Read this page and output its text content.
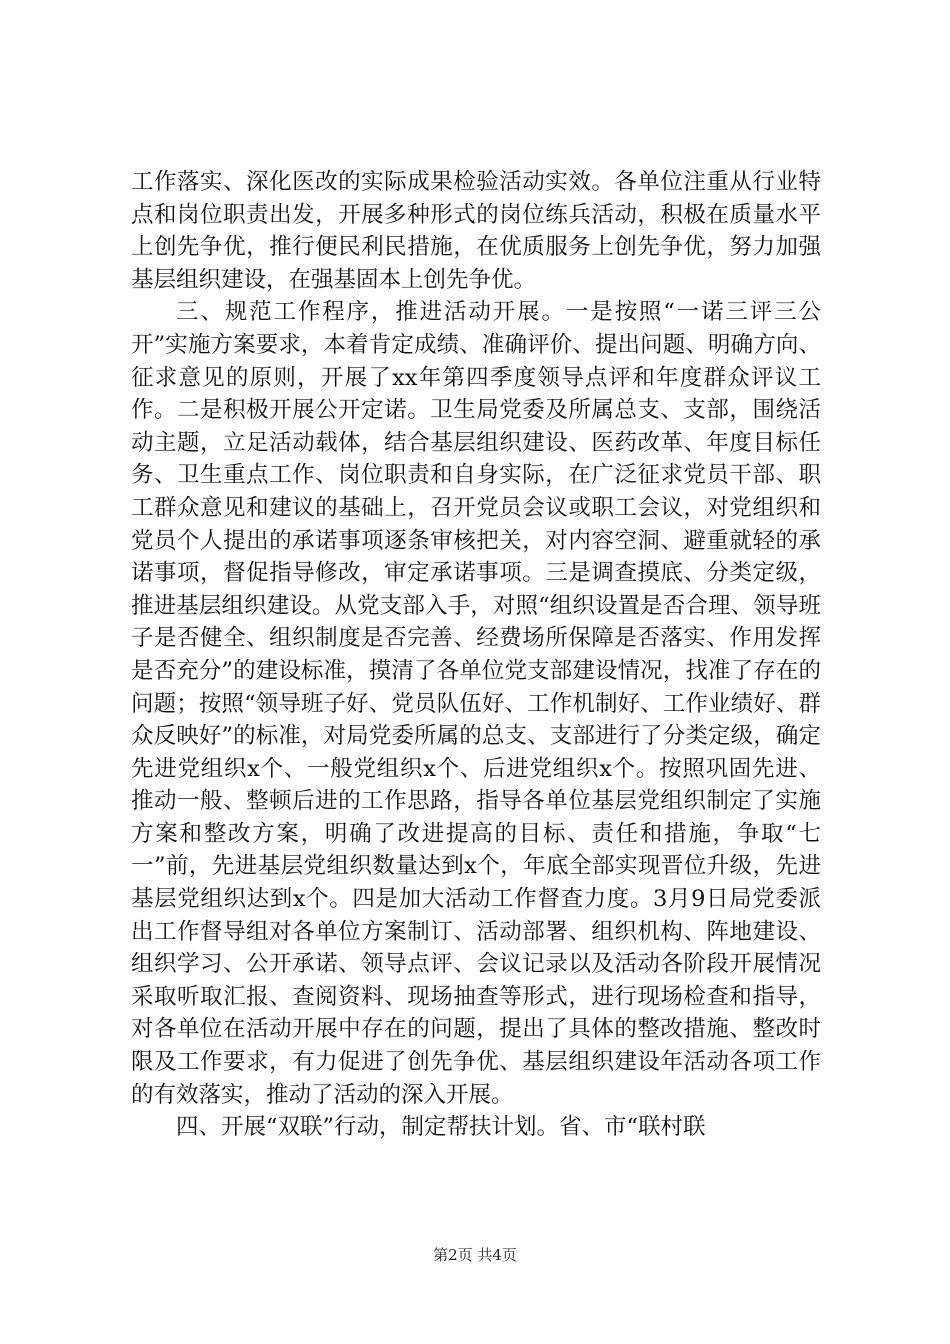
工作落实、深化医改的实际成果检验活动实效。各单位注重从行业特点和岗位职责出发，开展多种形式的岗位练兵活动，积极在质量水平上创先争优，推行便民利民措施，在优质服务上创先争优，努力加强基层组织建设，在强基固本上创先争优。

三、规范工作程序，推进活动开展。一是按照“一诺三评三公开”实施方案要求，本着肯定成绩、准确评价、提出问题、明确方向、征求意见的原则，开展了xx年第四季度领导点评和年度群众评议工作。二是积极开展公开定诺。卫生局党委及所属总支、支部，围绕活动主题，立足活动载体，结合基层组织建设、医药改革、年度目标任务、卫生重点工作、岗位职责和自身实际，在广泛征求党员干部、职工群众意见和建议的基础上，召开党员会议或职工会议，对党组织和党员个人提出的承诺事项逐条审核把关，对内容空洞、避重就轻的承诺事项，督促指导修改，审定承诺事项。三是调查摸底、分类定级，推进基层组织建设。从党支部入手，对照“组织设置是否合理、领导班子是否健全、组织制度是否完善、经费场所保障是否落实、作用发挥是否充分”的建设标准，摸清了各单位党支部建设情况，找准了存在的问题；按照“领导班子好、党员队伍好、工作机制好、工作业绩好、群众反映好”的标准，对局党委所属的总支、支部进行了分类定级，确定先进党组织x个、一般党组织x个、后进党组织x个。按照巩固先进、推动一般、整顿后进的工作思路，指导各单位基层党组织制定了实施方案和整改方案，明确了改进提高的目标、责任和措施，争取“七一”前，先进基层党组织数量达到x个，年底全部实现晋位升级，先进基层党组织达到x个。四是加大活动工作督查力度。3月9日局党委派出工作督导组对各单位方案制订、活动部署、组织机构、阵地建设、组织学习、公开承诺、领导点评、会议记录以及活动各阶段开展情况采取听取汇报、查阅资料、现场抽查等形式，进行现场检查和指导，对各单位在活动开展中存在的问题，提出了具体的整改措施、整改时限及工作要求，有力促进了创先争优、基层组织建设年活动各项工作的有效落实，推动了活动的深入开展。

四、开展“双联”行动，制定帮扶计划。省、市“联村联

第2页 共4页
